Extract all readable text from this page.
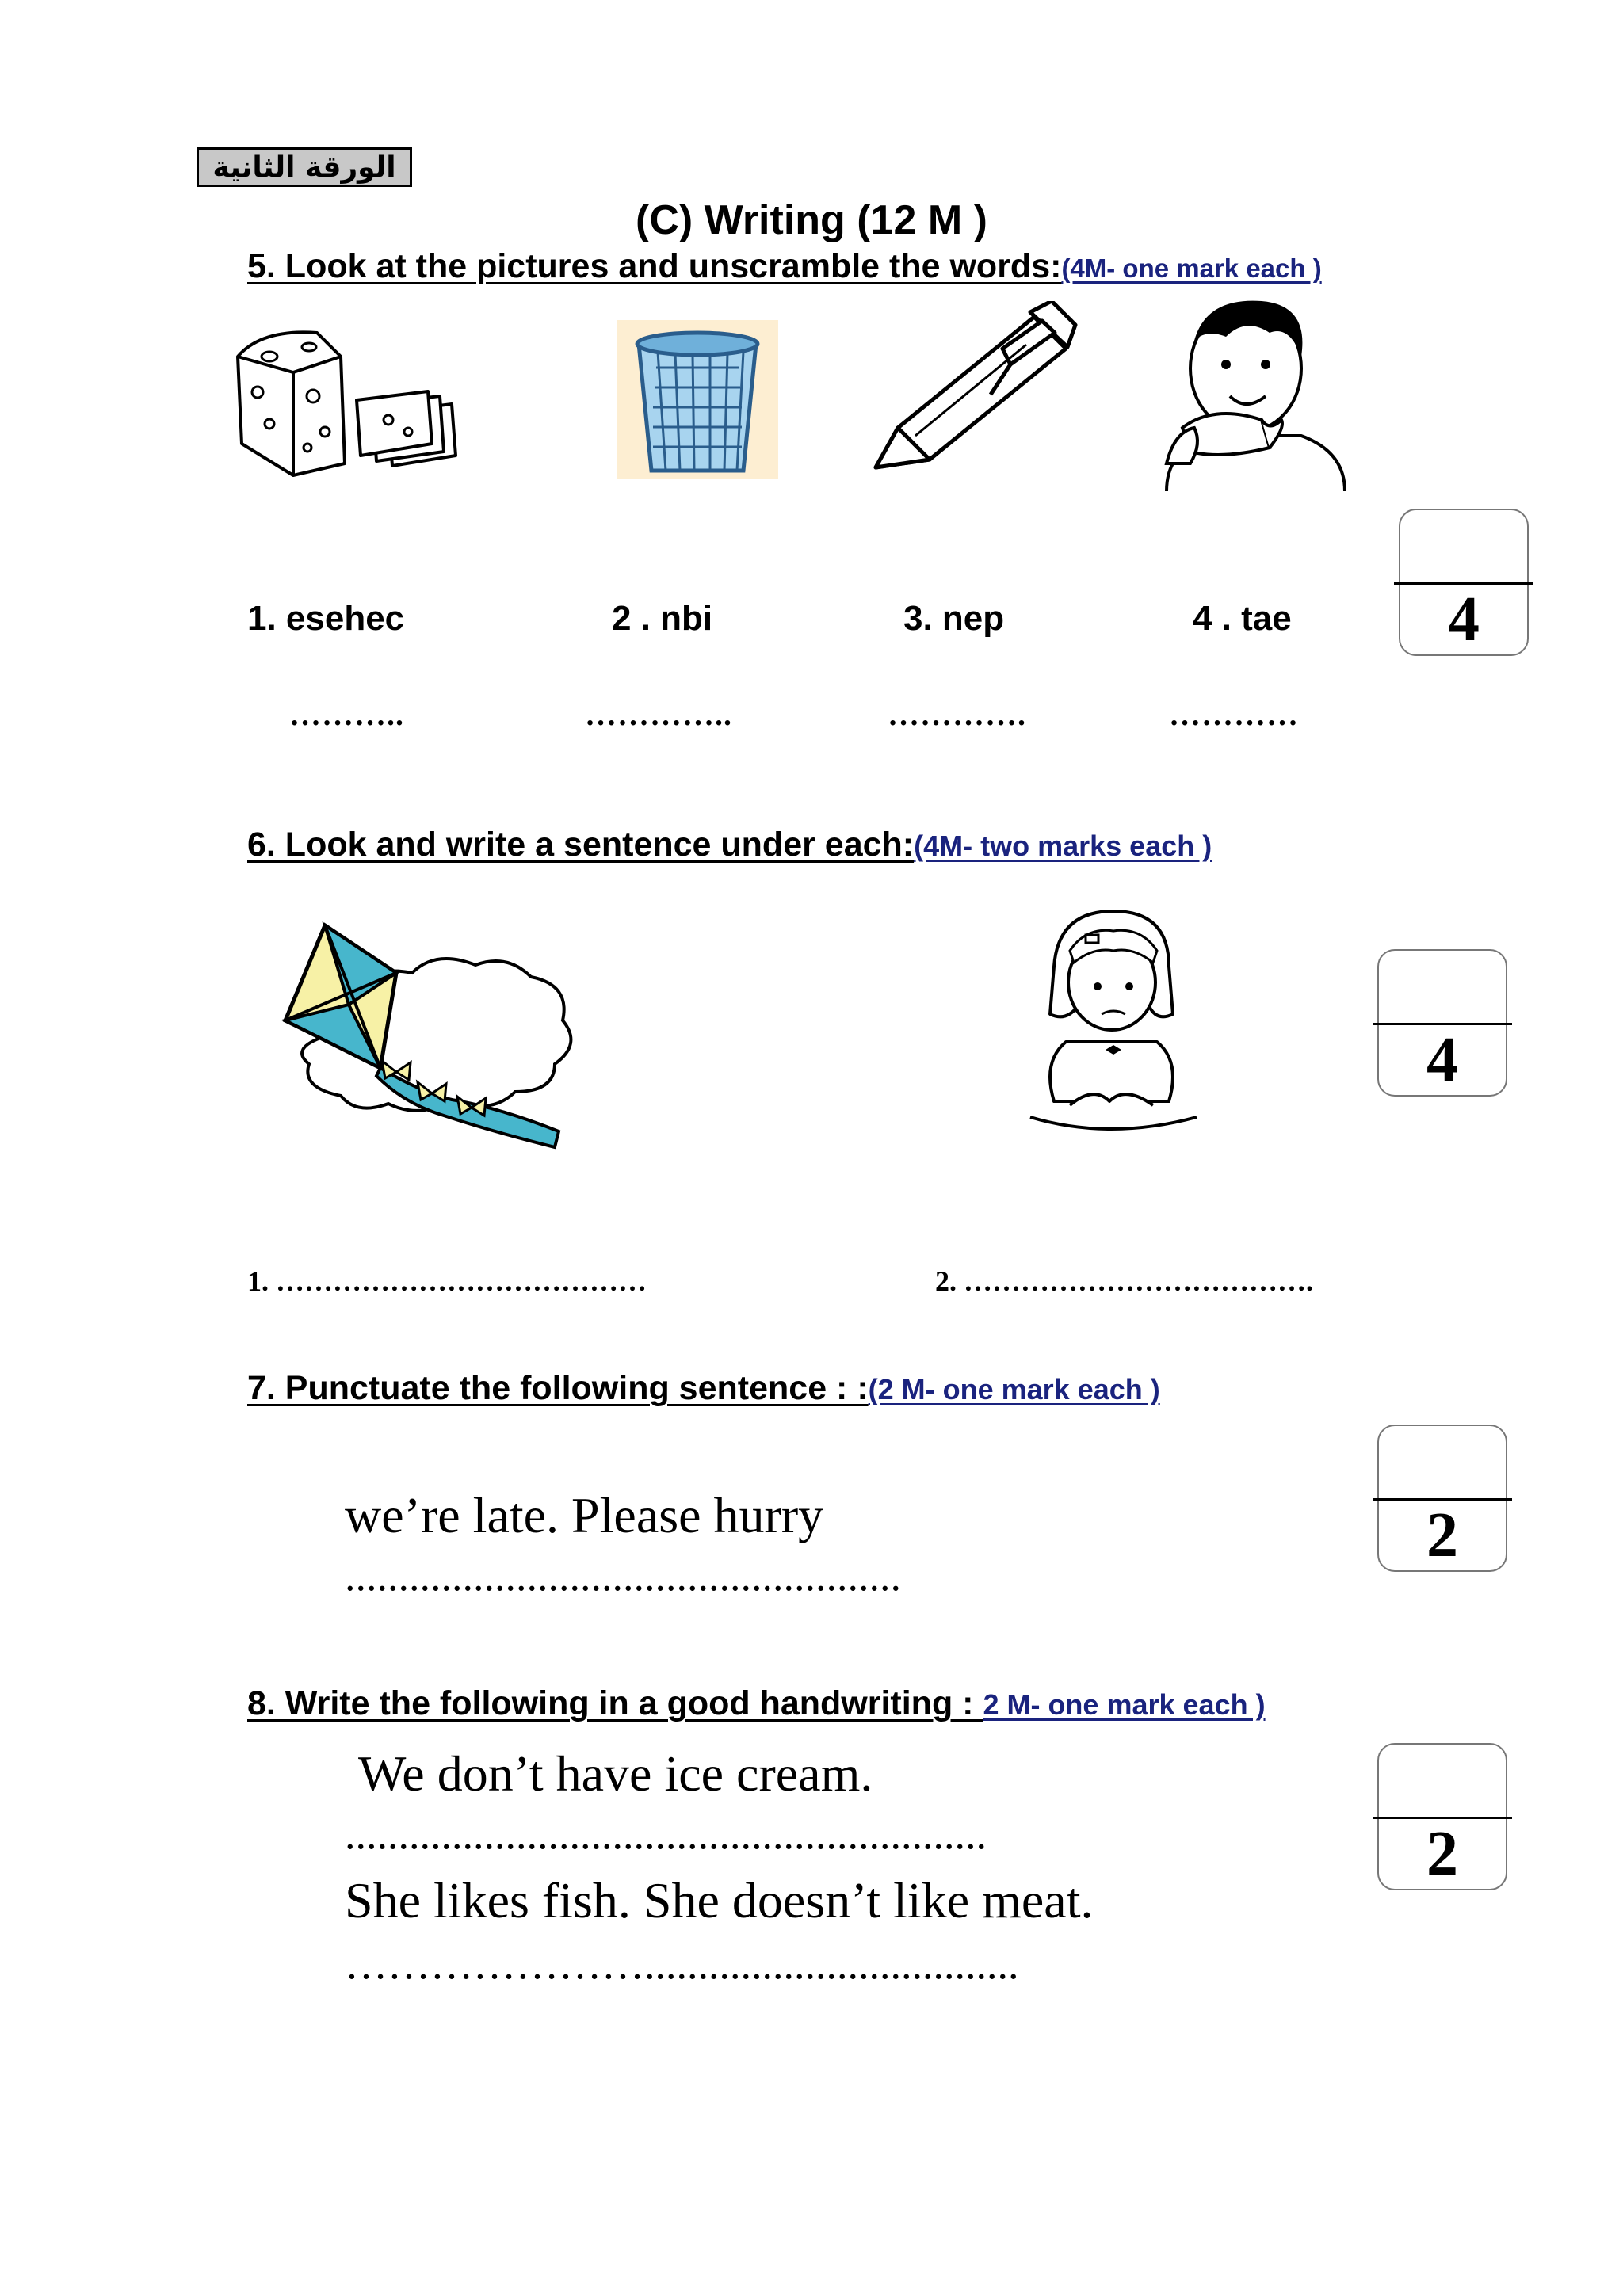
الورقة الثانية
(C) Writing (12 M )
5. Look at the pictures and unscramble the words:(4M- one mark each )
1. esehec	2 . nbi	3. nep	4 . tae
………..	…………..	………….	…………
4
6. Look and write a sentence under each:(4M- two marks each )
4
1. …………………………………	2. ……………………………….
7. Punctuate the following sentence : :(2 M- one mark each )
we’re late. Please hurry
....................................................
2
8. Write the following in a good handwriting : 2 M- one mark each )
We don’t have ice cream.
............................................................
She likes fish. She doesn’t like meat.
…………………...................................
2
